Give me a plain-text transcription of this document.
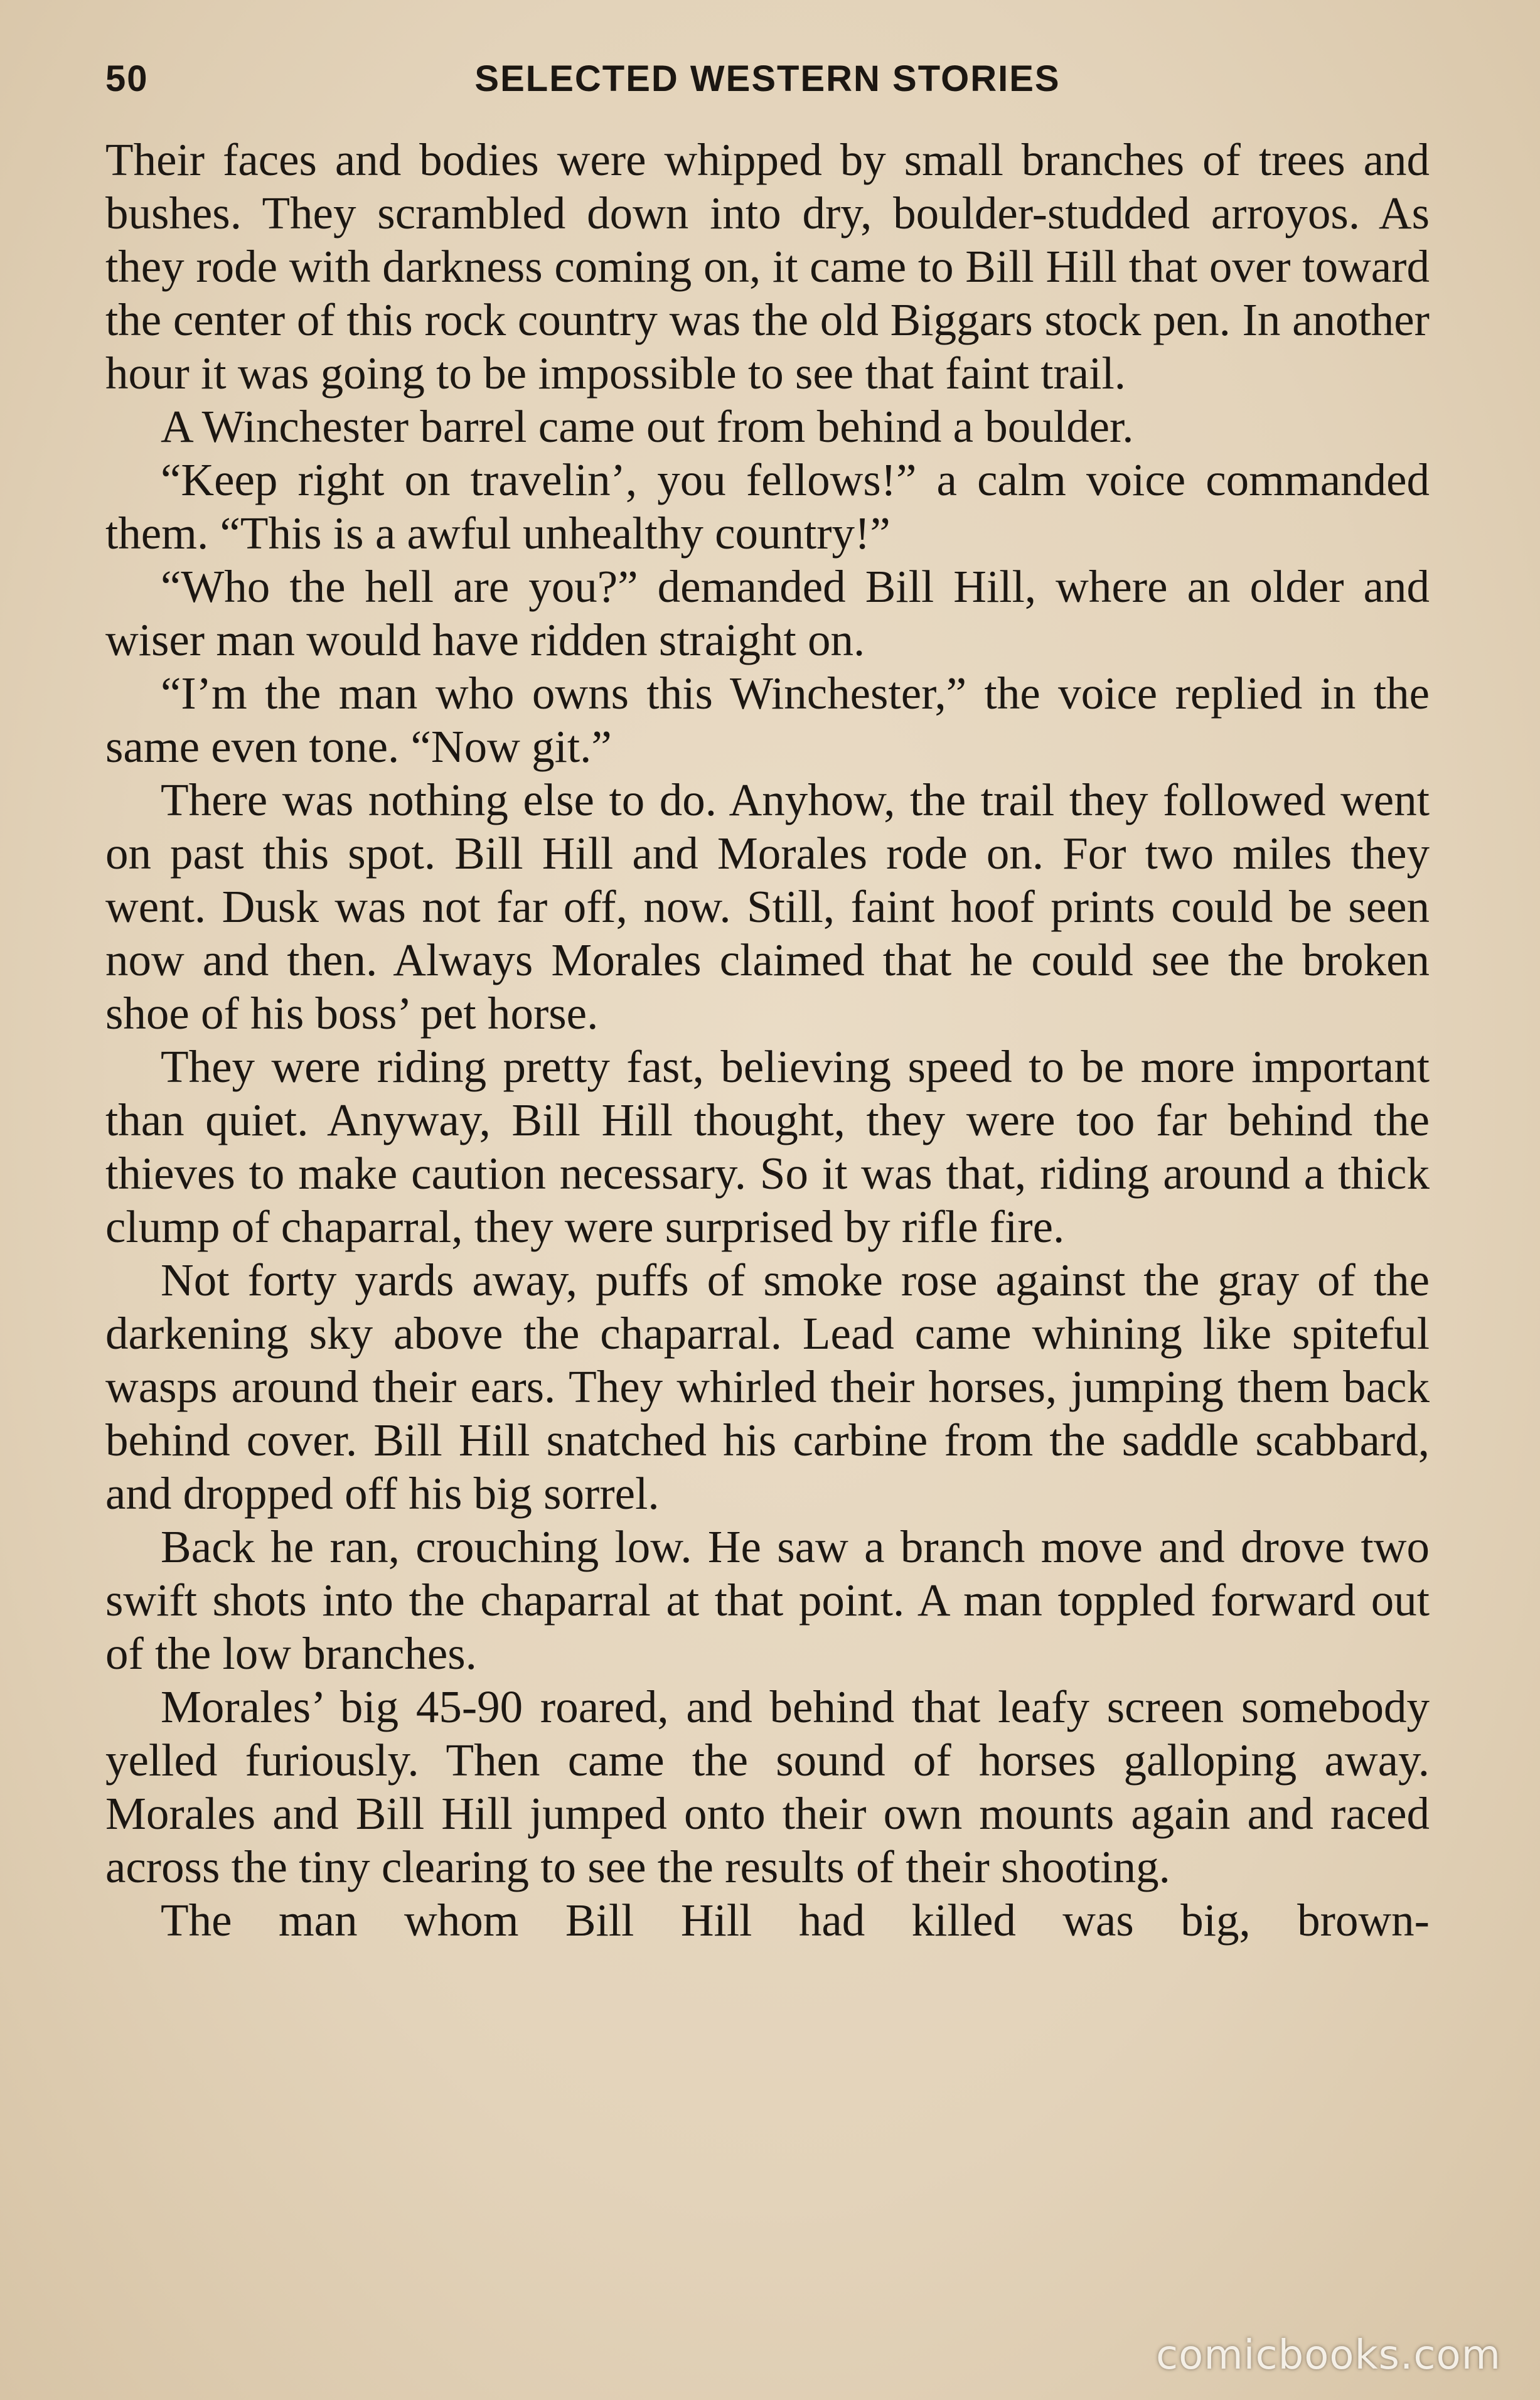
50	SELECTED WESTERN STORIES

Their faces and bodies were whipped by small branches of trees and bushes. They scrambled down into dry, boulder-studded arroyos. As they rode with darkness coming on, it came to Bill Hill that over toward the center of this rock country was the old Biggars stock pen. In another hour it was going to be impossible to see that faint trail.

A Winchester barrel came out from behind a boulder.

“Keep right on travelin’, you fellows!” a calm voice commanded them. “This is a awful unhealthy country!”

“Who the hell are you?” demanded Bill Hill, where an older and wiser man would have ridden straight on.

“I’m the man who owns this Winchester,” the voice replied in the same even tone. “Now git.”

There was nothing else to do. Anyhow, the trail they followed went on past this spot. Bill Hill and Morales rode on. For two miles they went. Dusk was not far off, now. Still, faint hoof prints could be seen now and then. Always Morales claimed that he could see the broken shoe of his boss’ pet horse.

They were riding pretty fast, believing speed to be more important than quiet. Anyway, Bill Hill thought, they were too far behind the thieves to make caution necessary. So it was that, riding around a thick clump of chaparral, they were surprised by rifle fire.

Not forty yards away, puffs of smoke rose against the gray of the darkening sky above the chaparral. Lead came whining like spiteful wasps around their ears. They whirled their horses, jumping them back behind cover. Bill Hill snatched his carbine from the saddle scabbard, and dropped off his big sorrel.

Back he ran, crouching low. He saw a branch move and drove two swift shots into the chaparral at that point. A man toppled forward out of the low branches.

Morales’ big 45-90 roared, and behind that leafy screen somebody yelled furiously. Then came the sound of horses galloping away. Morales and Bill Hill jumped onto their own mounts again and raced across the tiny clearing to see the results of their shooting.

The man whom Bill Hill had killed was big, brown-

comicbooks.com
